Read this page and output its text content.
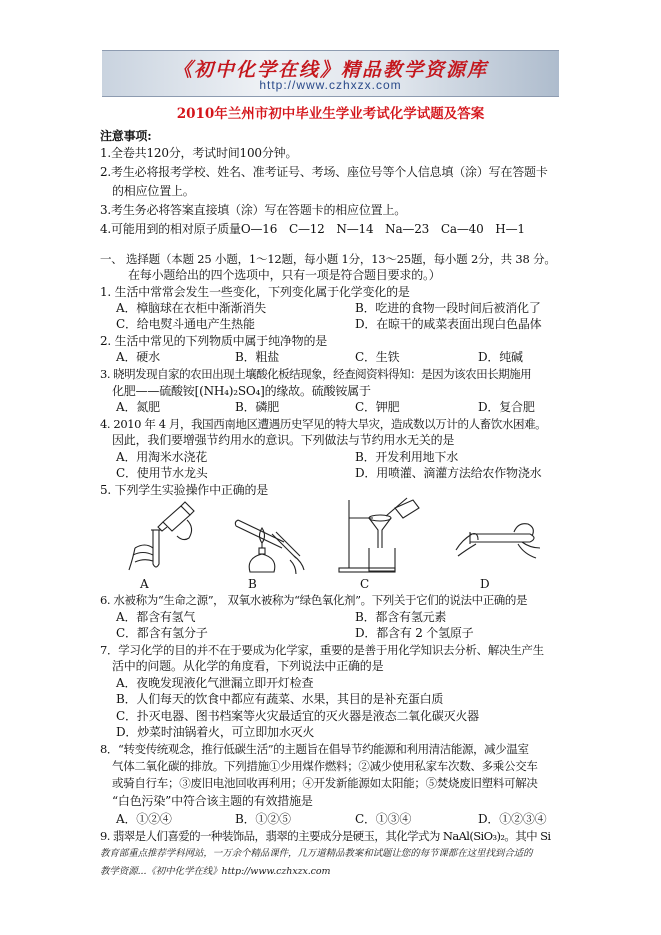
《初中化学在线》精品教学资源库
http://www.czhxzx.com
2010年兰州市初中毕业生学业考试化学试题及答案
注意事项:
1.全卷共120分，考试时间100分钟。
2.考生必将报考学校、姓名、准考证号、考场、座位号等个人信息填（涂）写在答题卡
的相应位置上。
3.考生务必将答案直接填（涂）写在答题卡的相应位置上。
4.可能用到的相对原子质量O—16　C—12　N—14　Na—23　Ca—40　H—1
一、 选择题（本题 25 小题，1～12题，每小题 1分，13～25题，每小题 2分，共 38 分。
在每小题给出的四个选项中，只有一项是符合题目要求的。）
1. 生活中常常会发生一些变化，下列变化属于化学变化的是
A．樟脑球在衣柜中渐渐消失	B．吃进的食物一段时间后被消化了
C．给电熨斗通电产生热能	D．在晾干的咸菜表面出现白色晶体
2. 生活中常见的下列物质中属于纯净物的是
A．硬水	B．粗盐	C．生铁	D．纯碱
3. 晓明发现自家的农田出现土壤酸化板结现象，经查阅资料得知：是因为该农田长期施用
化肥——硫酸铵[(NH₄)₂SO₄]的缘故。硫酸铵属于
A．氮肥	B．磷肥	C．钾肥	D．复合肥
4. 2010 年 4 月，我国西南地区遭遇历史罕见的特大旱灾，造成数以万计的人畜饮水困难。
因此，我们要增强节约用水的意识。下列做法与节约用水无关的是
A．用淘米水浇花	B．开发利用地下水
C．使用节水龙头	D．用喷灌、滴灌方法给农作物浇水
5. 下列学生实验操作中正确的是
A	B	C	D
6. 水被称为“生命之源”， 双氧水被称为“绿色氧化剂”。下列关于它们的说法中正确的是
A．都含有氢气	B．都含有氢元素
C．都含有氢分子	D．都含有 2 个氢原子
7．学习化学的目的并不在于要成为化学家，重要的是善于用化学知识去分析、解决生产生
活中的问题。从化学的角度看，下列说法中正确的是
A．夜晚发现液化气泄漏立即开灯检查
B．人们每天的饮食中都应有蔬菜、水果，其目的是补充蛋白质
C．扑灭电器、图书档案等火灾最适宜的灭火器是液态二氧化碳灭火器
D．炒菜时油锅着火，可立即加水灭火
8．“转变传统观念，推行低碳生活”的主题旨在倡导节约能源和利用清洁能源，减少温室
气体二氧化碳的排放。下列措施①少用煤作燃料；②减少使用私家车次数、多乘公交车
或骑自行车；③废旧电池回收再利用；④开发新能源如太阳能；⑤焚烧废旧塑料可解决
“白色污染”中符合该主题的有效措施是
A．①②④	B．①②⑤	C．①③④	D．①②③④
9. 翡翠是人们喜爱的一种装饰品，翡翠的主要成分是硬玉，其化学式为 NaAl(SiO₃)₂。其中 Si
教育部重点推荐学科网站，一万余个精品课件，几万道精品教案和试题让您的每节课都在这里找到合适的
教学资源...《初中化学在线》http://www.czhxzx.com
